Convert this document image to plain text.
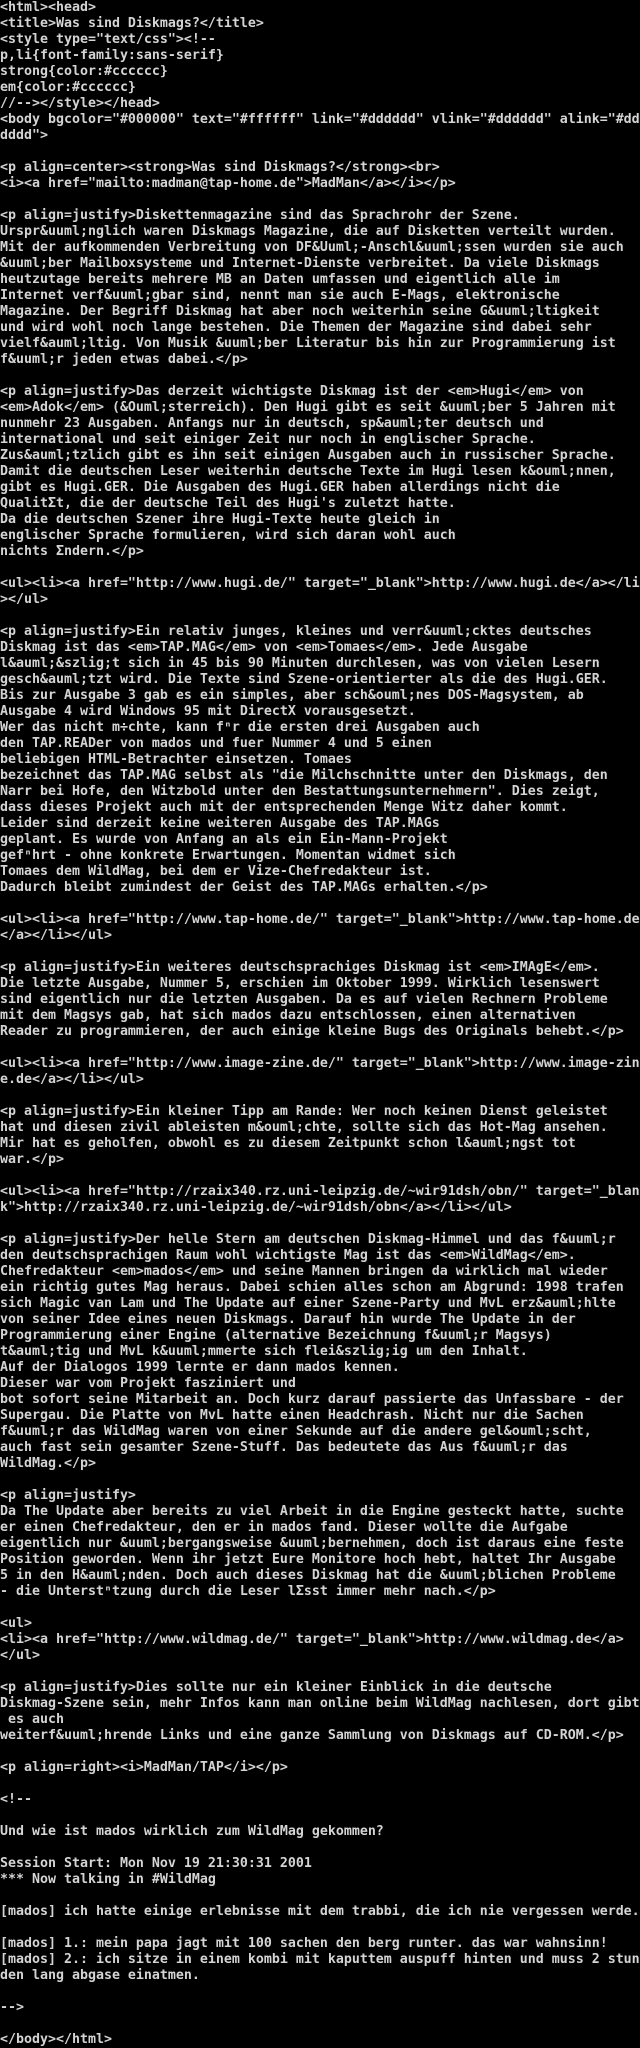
<html><head>
<title>Was sind Diskmags?</title>
<style type="text/css"><!--
p,li{font-family:sans-serif}
strong{color:#cccccc}
em{color:#cccccc}
//--></style></head>
<body bgcolor="#000000" text="#ffffff" link="#dddddd" vlink="#dddddd" alink="#dd
dddd">
<p align=center><strong>Was sind Diskmags?</strong><br>
<i><a href="mailto:madman@tap-home.de">MadMan</a></i></p>
<p align=justify>Diskettenmagazine sind das Sprachrohr der Szene.
Urspr&uuml;nglich waren Diskmags Magazine, die auf Disketten verteilt wurden.
Mit der aufkommenden Verbreitung von DF&Uuml;-Anschl&uuml;ssen wurden sie auch
&uuml;ber Mailboxsysteme und Internet-Dienste verbreitet. Da viele Diskmags
heutzutage bereits mehrere MB an Daten umfassen und eigentlich alle im
Internet verf&uuml;gbar sind, nennt man sie auch E-Mags, elektronische
Magazine. Der Begriff Diskmag hat aber noch weiterhin seine G&uuml;ltigkeit
und wird wohl noch lange bestehen. Die Themen der Magazine sind dabei sehr
vielf&auml;ltig. Von Musik &uuml;ber Literatur bis hin zur Programmierung ist
f&uuml;r jeden etwas dabei.</p>
<p align=justify>Das derzeit wichtigste Diskmag ist der <em>Hugi</em> von
<em>Adok</em> (&Ouml;sterreich). Den Hugi gibt es seit &uuml;ber 5 Jahren mit
nunmehr 23 Ausgaben. Anfangs nur in deutsch, sp&auml;ter deutsch und
international und seit einiger Zeit nur noch in englischer Sprache.
Zus&auml;tzlich gibt es ihn seit einigen Ausgaben auch in russischer Sprache.
Damit die deutschen Leser weiterhin deutsche Texte im Hugi lesen k&ouml;nnen,
gibt es Hugi.GER. Die Ausgaben des Hugi.GER haben allerdings nicht die
QualitΣt, die der deutsche Teil des Hugi's zuletzt hatte.
Da die deutschen Szener ihre Hugi-Texte heute gleich in
englischer Sprache formulieren, wird sich daran wohl auch
nichts Σndern.</p>
<ul><li><a href="http://www.hugi.de/" target="_blank">http://www.hugi.de</a></li
></ul>
<p align=justify>Ein relativ junges, kleines und verr&uuml;cktes deutsches
Diskmag ist das <em>TAP.MAG</em> von <em>Tomaes</em>. Jede Ausgabe
l&auml;&szlig;t sich in 45 bis 90 Minuten durchlesen, was von vielen Lesern
gesch&auml;tzt wird. Die Texte sind Szene-orientierter als die des Hugi.GER.
Bis zur Ausgabe 3 gab es ein simples, aber sch&ouml;nes DOS-Magsystem, ab
Ausgabe 4 wird Windows 95 mit DirectX vorausgesetzt.
Wer das nicht m÷chte, kann fⁿr die ersten drei Ausgaben auch
den TAP.READer von mados und fuer Nummer 4 und 5 einen
beliebigen HTML-Betrachter einsetzen. Tomaes
bezeichnet das TAP.MAG selbst als "die Milchschnitte unter den Diskmags, den
Narr bei Hofe, den Witzbold unter den Bestattungsunternehmern". Dies zeigt,
dass dieses Projekt auch mit der entsprechenden Menge Witz daher kommt.
Leider sind derzeit keine weiteren Ausgabe des TAP.MAGs
geplant. Es wurde von Anfang an als ein Ein-Mann-Projekt
gefⁿhrt - ohne konkrete Erwartungen. Momentan widmet sich
Tomaes dem WildMag, bei dem er Vize-Chefredakteur ist.
Dadurch bleibt zumindest der Geist des TAP.MAGs erhalten.</p>
<ul><li><a href="http://www.tap-home.de/" target="_blank">http://www.tap-home.de
</a></li></ul>
<p align=justify>Ein weiteres deutschsprachiges Diskmag ist <em>IMAgE</em>.
Die letzte Ausgabe, Nummer 5, erschien im Oktober 1999. Wirklich lesenswert
sind eigentlich nur die letzten Ausgaben. Da es auf vielen Rechnern Probleme
mit dem Magsys gab, hat sich mados dazu entschlossen, einen alternativen
Reader zu programmieren, der auch einige kleine Bugs des Originals behebt.</p>
<ul><li><a href="http://www.image-zine.de/" target="_blank">http://www.image-zin
e.de</a></li></ul>
<p align=justify>Ein kleiner Tipp am Rande: Wer noch keinen Dienst geleistet
hat und diesen zivil ableisten m&ouml;chte, sollte sich das Hot-Mag ansehen.
Mir hat es geholfen, obwohl es zu diesem Zeitpunkt schon l&auml;ngst tot
war.</p>
<ul><li><a href="http://rzaix340.rz.uni-leipzig.de/~wir91dsh/obn/" target="_blan
k">http://rzaix340.rz.uni-leipzig.de/~wir91dsh/obn</a></li></ul>
<p align=justify>Der helle Stern am deutschen Diskmag-Himmel und das f&uuml;r
den deutschsprachigen Raum wohl wichtigste Mag ist das <em>WildMag</em>.
Chefredakteur <em>mados</em> und seine Mannen bringen da wirklich mal wieder
ein richtig gutes Mag heraus. Dabei schien alles schon am Abgrund: 1998 trafen
sich Magic van Lam und The Update auf einer Szene-Party und MvL erz&auml;hlte
von seiner Idee eines neuen Diskmags. Darauf hin wurde The Update in der
Programmierung einer Engine (alternative Bezeichnung f&uuml;r Magsys)
t&auml;tig und MvL k&uuml;mmerte sich flei&szlig;ig um den Inhalt.
Auf der Dialogos 1999 lernte er dann mados kennen.
Dieser war vom Projekt fasziniert und
bot sofort seine Mitarbeit an. Doch kurz darauf passierte das Unfassbare - der
Supergau. Die Platte von MvL hatte einen Headchrash. Nicht nur die Sachen
f&uuml;r das WildMag waren von einer Sekunde auf die andere gel&ouml;scht,
auch fast sein gesamter Szene-Stuff. Das bedeutete das Aus f&uuml;r das
WildMag.</p>
<p align=justify>
Da The Update aber bereits zu viel Arbeit in die Engine gesteckt hatte, suchte
er einen Chefredakteur, den er in mados fand. Dieser wollte die Aufgabe
eigentlich nur &uuml;bergangsweise &uuml;bernehmen, doch ist daraus eine feste
Position geworden. Wenn ihr jetzt Eure Monitore hoch hebt, haltet Ihr Ausgabe
5 in den H&auml;nden. Doch auch dieses Diskmag hat die &uuml;blichen Probleme
- die Unterstⁿtzung durch die Leser lΣsst immer mehr nach.</p>
<ul>
<li><a href="http://www.wildmag.de/" target="_blank">http://www.wildmag.de</a>
</ul>
<p align=justify>Dies sollte nur ein kleiner Einblick in die deutsche
Diskmag-Szene sein, mehr Infos kann man online beim WildMag nachlesen, dort gibt
es auch
weiterf&uuml;hrende Links und eine ganze Sammlung von Diskmags auf CD-ROM.</p>
<p align=right><i>MadMan/TAP</i></p>
<!--
Und wie ist mados wirklich zum WildMag gekommen?
Session Start: Mon Nov 19 21:30:31 2001
*** Now talking in #WildMag
[mados] ich hatte einige erlebnisse mit dem trabbi, die ich nie vergessen werde.
[mados] 1.: mein papa jagt mit 100 sachen den berg runter. das war wahnsinn!
[mados] 2.: ich sitze in einem kombi mit kaputtem auspuff hinten und muss 2 stun
den lang abgase einatmen.
-->
</body></html>
